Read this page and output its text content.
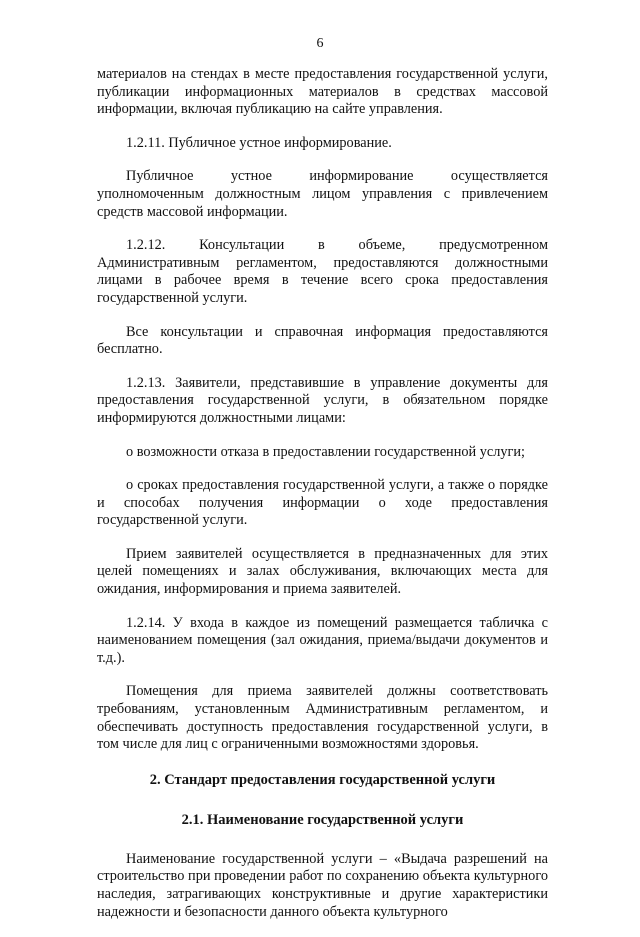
6

материалов на стендах в месте предоставления государственной услуги, публикации информационных материалов в средствах массовой информации, включая публикацию на сайте управления.

1.2.11. Публичное устное информирование.

Публичное устное информирование осуществляется уполномоченным должностным лицом управления с привлечением средств массовой информации.

1.2.12. Консультации в объеме, предусмотренном Административным регламентом, предоставляются должностными лицами в рабочее время в течение всего срока предоставления государственной услуги.

Все консультации и справочная информация предоставляются бесплатно.

1.2.13. Заявители, представившие в управление документы для предоставления государственной услуги, в обязательном порядке информируются должностными лицами:

о возможности отказа в предоставлении государственной услуги;

о сроках предоставления государственной услуги, а также о порядке и способах получения информации о ходе предоставления государственной услуги.

Прием заявителей осуществляется в предназначенных для этих целей помещениях и залах обслуживания, включающих места для ожидания, информирования и приема заявителей.

1.2.14. У входа в каждое из помещений размещается табличка с наименованием помещения (зал ожидания, приема/выдачи документов и т.д.).

Помещения для приема заявителей должны соответствовать требованиям, установленным Административным регламентом, и обеспечивать доступность предоставления государственной услуги, в том числе для лиц с ограниченными возможностями здоровья.

2. Стандарт предоставления государственной услуги
2.1. Наименование государственной услуги

Наименование государственной услуги – «Выдача разрешений на строительство при проведении работ по сохранению объекта культурного наследия, затрагивающих конструктивные и другие характеристики надежности и безопасности данного объекта культурного
